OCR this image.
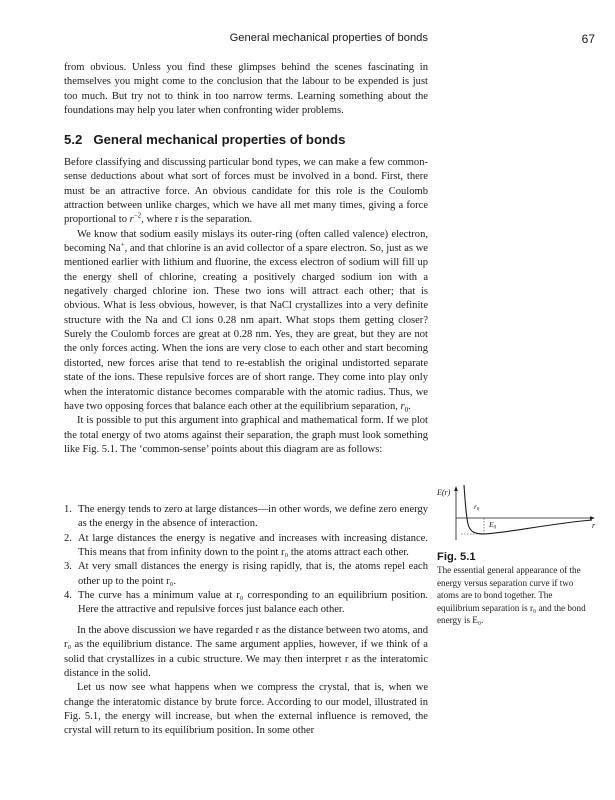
General mechanical properties of bonds	67

from obvious. Unless you find these glimpses behind the scenes fascinating in themselves you might come to the conclusion that the labour to be expended is just too much. But try not to think in too narrow terms. Learning something about the foundations may help you later when confronting wider problems.

5.2 General mechanical properties of bonds

Before classifying and discussing particular bond types, we can make a few common-sense deductions about what sort of forces must be involved in a bond. First, there must be an attractive force. An obvious candidate for this role is the Coulomb attraction between unlike charges, which we have all met many times, giving a force proportional to $r^{-2}$, where r is the separation.

We know that sodium easily mislays its outer-ring (often called valence) electron, becoming Na+, and that chlorine is an avid collector of a spare electron. So, just as we mentioned earlier with lithium and fluorine, the excess electron of sodium will fill up the energy shell of chlorine, creating a positively charged sodium ion with a negatively charged chlorine ion. These two ions will attract each other; that is obvious. What is less obvious, however, is that NaCl crystallizes into a very definite structure with the Na and Cl ions 0.28 nm apart. What stops them getting closer? Surely the Coulomb forces are great at 0.28 nm. Yes, they are great, but they are not the only forces acting. When the ions are very close to each other and start becoming distorted, new forces arise that tend to re-establish the original undistorted separate state of the ions. These repulsive forces are of short range. They come into play only when the interatomic distance becomes comparable with the atomic radius. Thus, we have two opposing forces that balance each other at the equilibrium separation, $r_0$.

It is possible to put this argument into graphical and mathematical form. If we plot the total energy of two atoms against their separation, the graph must look something like Fig. 5.1. The ‘common-sense’ points about this diagram are as follows:

1. The energy tends to zero at large distances—in other words, we define zero energy as the energy in the absence of interaction.
2. At large distances the energy is negative and increases with increasing distance. This means that from infinity down to the point r₀ the atoms attract each other.
3. At very small distances the energy is rising rapidly, that is, the atoms repel each other up to the point r₀.
4. The curve has a minimum value at r₀ corresponding to an equilibrium position. Here the attractive and repulsive forces just balance each other.

In the above discussion we have regarded r as the distance between two atoms, and r₀ as the equilibrium distance. The same argument applies, however, if we think of a solid that crystallizes in a cubic structure. We may then interpret r as the interatomic distance in the solid.

Let us now see what happens when we compress the crystal, that is, when we change the interatomic distance by brute force. According to our model, illustrated in Fig. 5.1, the energy will increase, but when the external influence is removed, the crystal will return to its equilibrium position. In some other

E(r)
r
$r_0$
$E_0$
Fig. 5.1
The essential general appearance of the energy versus separation curve if two atoms are to bond together. The equilibrium separation is r₀ and the bond energy is E₀.
